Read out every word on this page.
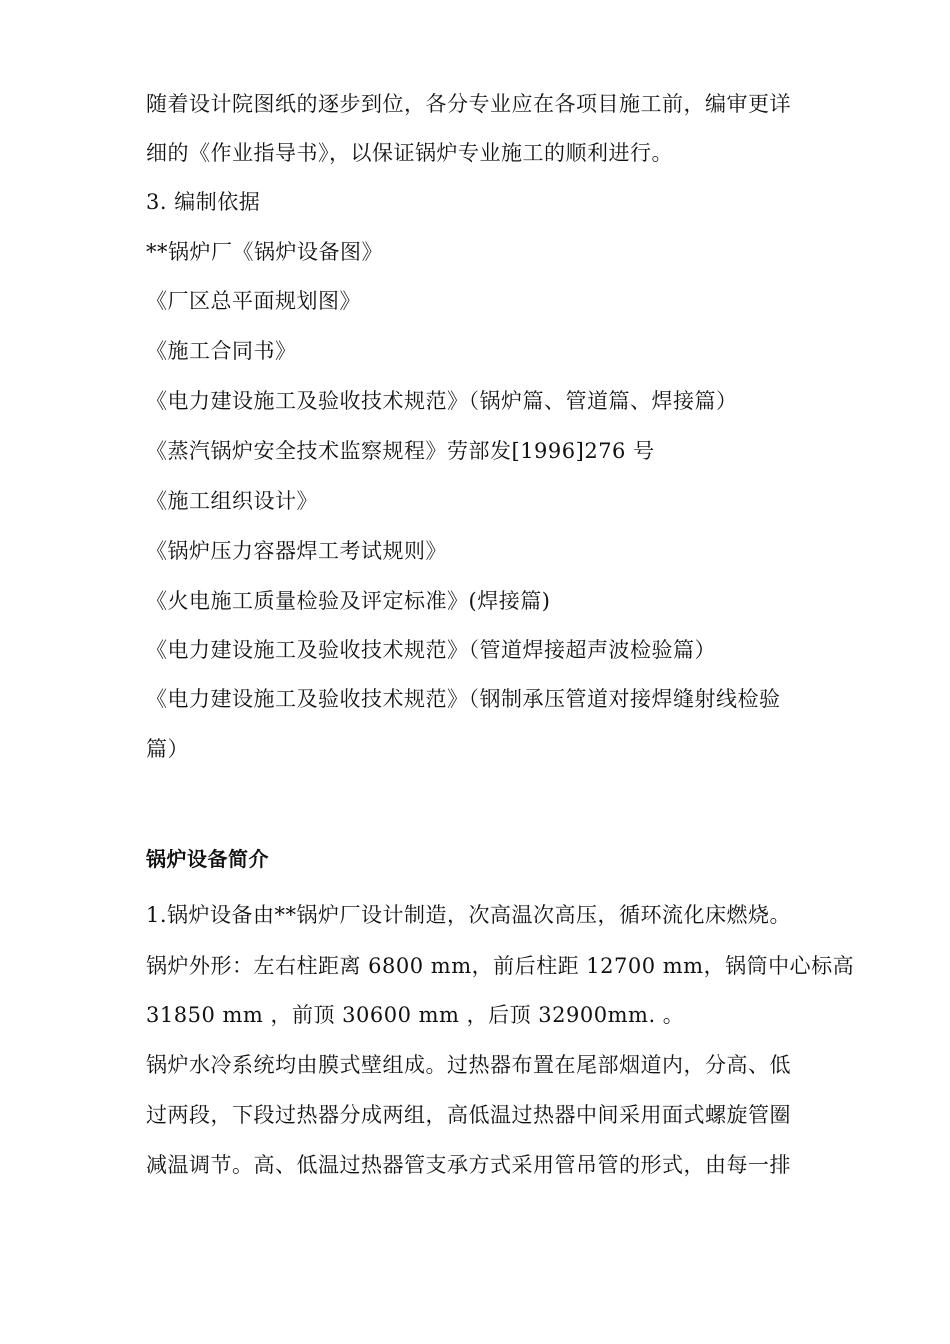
随着设计院图纸的逐步到位，各分专业应在各项目施工前，编审更详
细的《作业指导书》，以保证锅炉专业施工的顺利进行。
3. 编制依据
**锅炉厂《锅炉设备图》
《厂区总平面规划图》
《施工合同书》
《电力建设施工及验收技术规范》（锅炉篇、管道篇、焊接篇）
《蒸汽锅炉安全技术监察规程》劳部发[1996]276 号
《施工组织设计》
《锅炉压力容器焊工考试规则》
《火电施工质量检验及评定标准》(焊接篇)
《电力建设施工及验收技术规范》（管道焊接超声波检验篇）
《电力建设施工及验收技术规范》（钢制承压管道对接焊缝射线检验
篇）
锅炉设备简介
1.锅炉设备由**锅炉厂设计制造，次高温次高压，循环流化床燃烧。
锅炉外形：左右柱距离 6800 mm，前后柱距 12700 mm，锅筒中心标高
31850 mm ，前顶 30600 mm ，后顶 32900mm. 。
锅炉水冷系统均由膜式壁组成。过热器布置在尾部烟道内，分高、低
过两段，下段过热器分成两组，高低温过热器中间采用面式螺旋管圈
减温调节。高、低温过热器管支承方式采用管吊管的形式，由每一排
